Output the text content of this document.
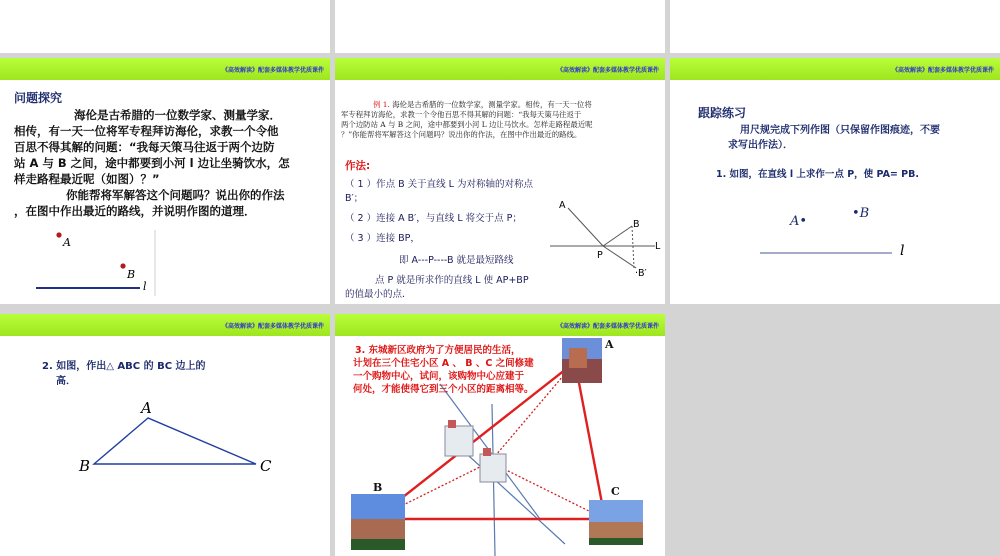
《高效解读》配套多媒体教学优质课件
问题探究
海伦是古希腊的一位数学家、测量学家．
相传，有一天一位将军专程拜访海伦，求教一个令他
百思不得其解的问题：“我每天策马往返于两个边防
站 A 与 B 之间，途中都要到小河 l 边让坐骑饮水，怎
样走路程最近呢（如图）？”
你能帮将军解答这个问题吗？说出你的作法
，在图中作出最近的路线，并说明作图的道理．
A
B
l
《高效解读》配套多媒体教学优质课件
例 1. 海伦是古希腊的一位数学家，测量学家。相传，有一天一位将
军专程拜访海伦，求教一个令他百思不得其解的问题：“我每天策马往返于
两个边防站 A 与 B 之间，途中都要到小河 L 边让马饮水。怎样走路程最近呢
？”你能帮将军解答这个问题吗？说出你的作法，在图中作出最近的路线。
作法:
（ 1 ）作点 B 关于直线 L 为对称轴的对称点
B′；
（ 2 ）连接 A B′，与直线 L 将交于点 P；
（ 3 ）连接 BP，
即 A---P----B 就是最短路线
点 P 就是所求作的直线 L 使 AP+BP
的值最小的点．
A
B
L
P
·B′
《高效解读》配套多媒体教学优质课件
跟踪练习
用尺规完成下列作图（只保留作图痕迹，不要
求写出作法）．
1. 如图，在直线 l 上求作一点 P，使 PA= PB.
A•
•B
l
《高效解读》配套多媒体教学优质课件
2. 如图，作出△ ABC 的 BC 边上的
高．
A
B	C
《高效解读》配套多媒体教学优质课件
3. 东城新区政府为了方便居民的生活，
计划在三个住宅小区 A 、 B 、C 之间修建
一个购物中心，试问，该购物中心应建于
何处，才能使得它到三个小区的距离相等。
A
B	C
